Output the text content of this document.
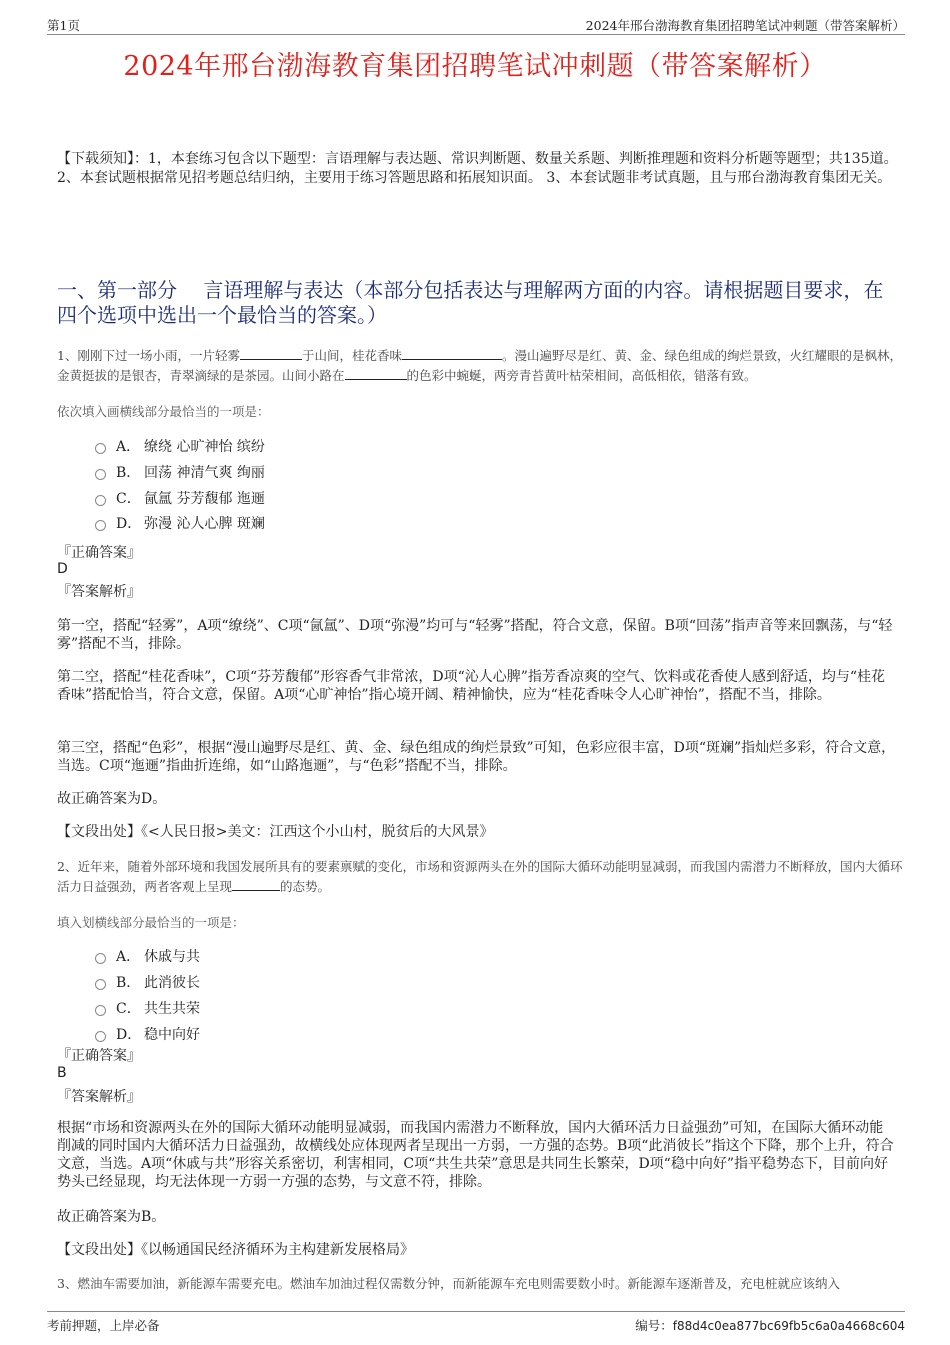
第1页	2024年邢台渤海教育集团招聘笔试冲刺题（带答案解析）
2024年邢台渤海教育集团招聘笔试冲刺题（带答案解析）
【下载须知】：1，本套练习包含以下题型：言语理解与表达题、常识判断题、数量关系题、判断推理题和资料分析题等题型；共135道。 2、本套试题根据常见招考题总结归纳，主要用于练习答题思路和拓展知识面。 3、本套试题非考试真题，且与邢台渤海教育集团无关。
一、第一部分　 言语理解与表达（本部分包括表达与理解两方面的内容。请根据题目要求，在四个选项中选出一个最恰当的答案。）
1、刚刚下过一场小雨，一片轻雾	于山间，桂花香味	。漫山遍野尽是红、黄、金、绿色组成的绚烂景致，火红耀眼的是枫林，金黄挺拔的是银杏，青翠滴绿的是茶园。山间小路在	的色彩中蜿蜒，两旁青苔黄叶枯荣相间，高低相依，错落有致。
依次填入画横线部分最恰当的一项是：
A． 缭绕 心旷神怡 缤纷
B． 回荡 神清气爽 绚丽
C． 氤氲 芬芳馥郁 迤逦
D． 弥漫 沁人心脾 斑斓
『正确答案』
D
『答案解析』
第一空，搭配“轻雾”，A项“缭绕”、C项“氤氲”、D项“弥漫”均可与“轻雾”搭配，符合文意，保留。B项“回荡”指声音等来回飘荡，与“轻雾”搭配不当，排除。
第二空，搭配“桂花香味”，C项“芬芳馥郁”形容香气非常浓，D项“沁人心脾”指芳香凉爽的空气、饮料或花香使人感到舒适，均与“桂花香味”搭配恰当，符合文意，保留。A项“心旷神怡”指心境开阔、精神愉快，应为“桂花香味令人心旷神怡”，搭配不当，排除。
第三空，搭配“色彩”，根据“漫山遍野尽是红、黄、金、绿色组成的绚烂景致”可知，色彩应很丰富，D项“斑斓”指灿烂多彩，符合文意，当选。C项“迤逦”指曲折连绵，如“山路迤逦”，与“色彩”搭配不当，排除。
故正确答案为D。
【文段出处】《<人民日报>美文：江西这个小山村，脱贫后的大风景》
2、近年来，随着外部环境和我国发展所具有的要素禀赋的变化，市场和资源两头在外的国际大循环动能明显减弱，而我国内需潜力不断释放，国内大循环活力日益强劲，两者客观上呈现	的态势。
填入划横线部分最恰当的一项是：
A． 休戚与共
B． 此消彼长
C． 共生共荣
D． 稳中向好
『正确答案』
B
『答案解析』
根据“市场和资源两头在外的国际大循环动能明显减弱，而我国内需潜力不断释放，国内大循环活力日益强劲”可知，在国际大循环动能削减的同时国内大循环活力日益强劲，故横线处应体现两者呈现出一方弱，一方强的态势。B项“此消彼长”指这个下降，那个上升，符合文意，当选。A项“休戚与共”形容关系密切，利害相同，C项“共生共荣”意思是共同生长繁荣，D项“稳中向好”指平稳势态下，目前向好势头已经显现，均无法体现一方弱一方强的态势，与文意不符，排除。
故正确答案为B。
【文段出处】《以畅通国民经济循环为主构建新发展格局》
3、燃油车需要加油，新能源车需要充电。燃油车加油过程仅需数分钟，而新能源车充电则需要数小时。新能源车逐渐普及，充电桩就应该纳入
考前押题，上岸必备	编号：f88d4c0ea877bc69fb5c6a0a4668c604
